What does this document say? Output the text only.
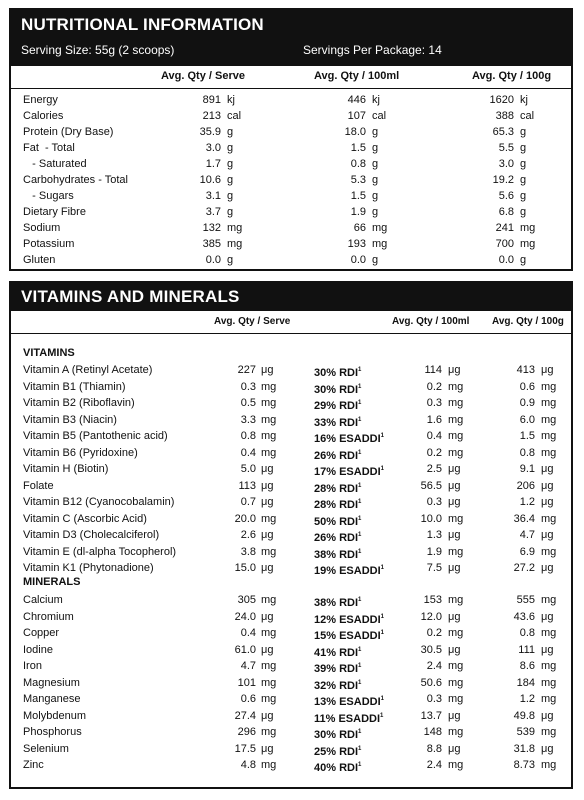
NUTRITIONAL INFORMATION
Serving Size: 55g (2 scoops)	Servings Per Package: 14
Avg. Qty / Serve	Avg. Qty / 100ml	Avg. Qty / 100g
Energy	891 kj	446 kj	1620 kj
Calories	213 cal	107 cal	388 cal
Protein (Dry Base)	35.9 g	18.0 g	65.3 g
Fat  - Total	3.0 g	1.5 g	5.5 g
- Saturated	1.7 g	0.8 g	3.0 g
Carbohydrates - Total	10.6 g	5.3 g	19.2 g
- Sugars	3.1 g	1.5 g	5.6 g
Dietary Fibre	3.7 g	1.9 g	6.8 g
Sodium	132 mg	66 mg	241 mg
Potassium	385 mg	193 mg	700 mg
Gluten	0.0 g	0.0 g	0.0 g
VITAMINS AND MINERALS
Avg. Qty / Serve	Avg. Qty / 100ml Avg. Qty / 100g
VITAMINS
Vitamin A (Retinyl Acetate)	227 μg	30% RDI$^1$	114 μg	413 μg
Vitamin B1 (Thiamin)	0.3 mg	30% RDI$^1$	0.2 mg	0.6 mg
Vitamin B2 (Riboflavin)	0.5 mg	29% RDI$^1$	0.3 mg	0.9 mg
Vitamin B3 (Niacin)	3.3 mg	33% RDI$^1$	1.6 mg	6.0 mg
Vitamin B5 (Pantothenic acid)	0.8 mg	16% ESADDI$^1$	0.4 mg	1.5 mg
Vitamin B6 (Pyridoxine)	0.4 mg	26% RDI$^1$	0.2 mg	0.8 mg
Vitamin H (Biotin)	5.0 μg	17% ESADDI$^1$	2.5 μg	9.1 μg
Folate	113 μg	28% RDI$^1$	56.5 μg	206 μg
Vitamin B12 (Cyanocobalamin)	0.7 μg	28% RDI$^1$	0.3 μg	1.2 μg
Vitamin C (Ascorbic Acid)	20.0 mg	50% RDI$^1$	10.0 mg	36.4 mg
Vitamin D3 (Cholecalciferol)	2.6 μg	26% RDI$^1$	1.3 μg	4.7 μg
Vitamin E (dl-alpha Tocopherol)	3.8 mg	38% RDI$^1$	1.9 mg	6.9 mg
Vitamin K1 (Phytonadione)	15.0 μg	19% ESADDI$^1$	7.5 μg	27.2 μg
MINERALS
Calcium	305 mg	38% RDI$^1$	153 mg	555 mg
Chromium	24.0 μg	12% ESADDI$^1$	12.0 μg	43.6 μg
Copper	0.4 mg	15% ESADDI$^1$	0.2 mg	0.8 mg
Iodine	61.0 μg	41% RDI$^1$	30.5 μg	111 μg
Iron	4.7 mg	39% RDI$^1$	2.4 mg	8.6 mg
Magnesium	101 mg	32% RDI$^1$	50.6 mg	184 mg
Manganese	0.6 mg	13% ESADDI$^1$	0.3 mg	1.2 mg
Molybdenum	27.4 μg	11% ESADDI$^1$	13.7 μg	49.8 μg
Phosphorus	296 mg	30% RDI$^1$	148 mg	539 mg
Selenium	17.5 μg	25% RDI$^1$	8.8 μg	31.8 μg
Zinc	4.8 mg	40% RDI$^1$	2.4 mg	8.73 mg
